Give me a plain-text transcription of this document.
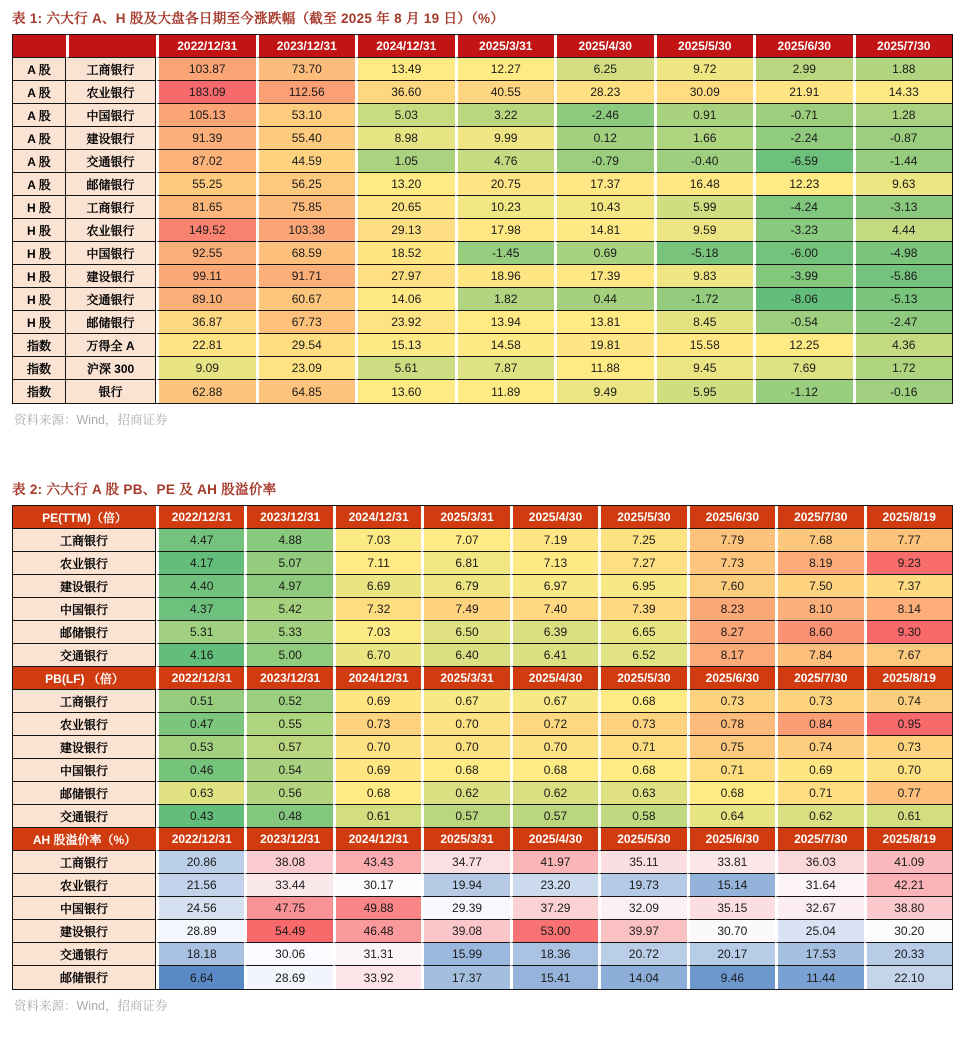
表 1: 六大行 A、H 股及大盘各日期至今涨跌幅（截至 2025 年 8 月 19 日）（%）
		2022/12/31	2023/12/31	2024/12/31	2025/3/31	2025/4/30	2025/5/30	2025/6/30	2025/7/30
A 股	工商银行	103.87	73.70	13.49	12.27	6.25	9.72	2.99	1.88
A 股	农业银行	183.09	112.56	36.60	40.55	28.23	30.09	21.91	14.33
A 股	中国银行	105.13	53.10	5.03	3.22	-2.46	0.91	-0.71	1.28
A 股	建设银行	91.39	55.40	8.98	9.99	0.12	1.66	-2.24	-0.87
A 股	交通银行	87.02	44.59	1.05	4.76	-0.79	-0.40	-6.59	-1.44
A 股	邮储银行	55.25	56.25	13.20	20.75	17.37	16.48	12.23	9.63
H 股	工商银行	81.65	75.85	20.65	10.23	10.43	5.99	-4.24	-3.13
H 股	农业银行	149.52	103.38	29.13	17.98	14.81	9.59	-3.23	4.44
H 股	中国银行	92.55	68.59	18.52	-1.45	0.69	-5.18	-6.00	-4.98
H 股	建设银行	99.11	91.71	27.97	18.96	17.39	9.83	-3.99	-5.86
H 股	交通银行	89.10	60.67	14.06	1.82	0.44	-1.72	-8.06	-5.13
H 股	邮储银行	36.87	67.73	23.92	13.94	13.81	8.45	-0.54	-2.47
指数	万得全 A	22.81	29.54	15.13	14.58	19.81	15.58	12.25	4.36
指数	沪深 300	9.09	23.09	5.61	7.87	11.88	9.45	7.69	1.72
指数	银行	62.88	64.85	13.60	11.89	9.49	5.95	-1.12	-0.16
资料来源：Wind，招商证券
表 2: 六大行 A 股 PB、PE 及 AH 股溢价率
PE(TTM)（倍）	2022/12/31	2023/12/31	2024/12/31	2025/3/31	2025/4/30	2025/5/30	2025/6/30	2025/7/30	2025/8/19
工商银行	4.47	4.88	7.03	7.07	7.19	7.25	7.79	7.68	7.77
农业银行	4.17	5.07	7.11	6.81	7.13	7.27	7.73	8.19	9.23
建设银行	4.40	4.97	6.69	6.79	6.97	6.95	7.60	7.50	7.37
中国银行	4.37	5.42	7.32	7.49	7.40	7.39	8.23	8.10	8.14
邮储银行	5.31	5.33	7.03	6.50	6.39	6.65	8.27	8.60	9.30
交通银行	4.16	5.00	6.70	6.40	6.41	6.52	8.17	7.84	7.67
PB(LF) （倍）	2022/12/31	2023/12/31	2024/12/31	2025/3/31	2025/4/30	2025/5/30	2025/6/30	2025/7/30	2025/8/19
工商银行	0.51	0.52	0.69	0.67	0.67	0.68	0.73	0.73	0.74
农业银行	0.47	0.55	0.73	0.70	0.72	0.73	0.78	0.84	0.95
建设银行	0.53	0.57	0.70	0.70	0.70	0.71	0.75	0.74	0.73
中国银行	0.46	0.54	0.69	0.68	0.68	0.68	0.71	0.69	0.70
邮储银行	0.63	0.56	0.68	0.62	0.62	0.63	0.68	0.71	0.77
交通银行	0.43	0.48	0.61	0.57	0.57	0.58	0.64	0.62	0.61
AH 股溢价率（%）	2022/12/31	2023/12/31	2024/12/31	2025/3/31	2025/4/30	2025/5/30	2025/6/30	2025/7/30	2025/8/19
工商银行	20.86	38.08	43.43	34.77	41.97	35.11	33.81	36.03	41.09
农业银行	21.56	33.44	30.17	19.94	23.20	19.73	15.14	31.64	42.21
中国银行	24.56	47.75	49.88	29.39	37.29	32.09	35.15	32.67	38.80
建设银行	28.89	54.49	46.48	39.08	53.00	39.97	30.70	25.04	30.20
交通银行	18.18	30.06	31.31	15.99	18.36	20.72	20.17	17.53	20.33
邮储银行	6.64	28.69	33.92	17.37	15.41	14.04	9.46	11.44	22.10
资料来源：Wind，招商证券
